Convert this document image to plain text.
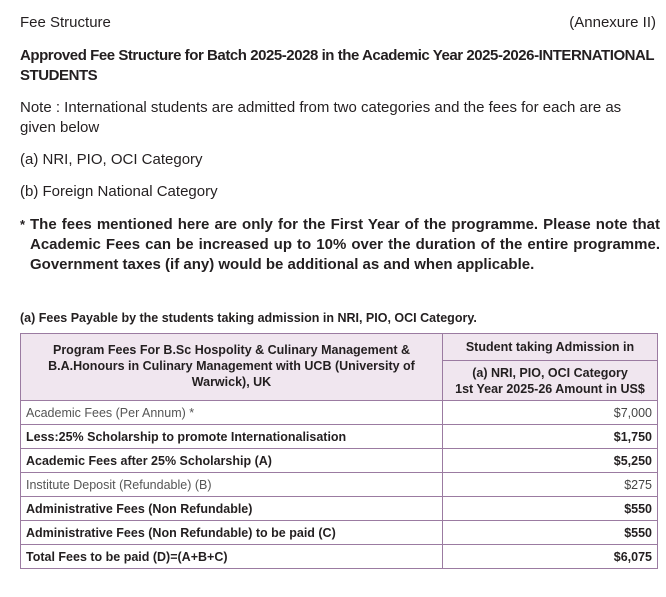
Fee Structure	(Annexure II)
Approved Fee Structure for Batch 2025-2028 in the Academic Year 2025-2026-INTERNATIONAL STUDENTS
Note : International students are admitted from two categories and the fees for each are as given below
(a) NRI, PIO, OCI Category
(b) Foreign National Category
* The fees mentioned here are only for the First Year of the programme. Please note that Academic Fees can be increased up to 10% over the duration of the entire programme. Government taxes (if any) would be additional as and when applicable.
(a) Fees Payable by the students taking admission in NRI, PIO, OCI Category.
Program Fees For B.Sc Hospolity & Culinary Management & B.A.Honours in Culinary Management with UCB (University of Warwick), UK	Student taking Admission in

	(a) NRI, PIO, OCI Category
1st Year 2025-26 Amount in US$

Academic Fees (Per Annum) *	$7,000
Less:25% Scholarship to promote Internationalisation	$1,750
Academic Fees after 25% Scholarship (A)	$5,250
Institute Deposit (Refundable) (B)	$275
Administrative Fees (Non Refundable)	$550
Administrative Fees (Non Refundable) to be paid (C)	$550
Total Fees to be paid (D)=(A+B+C)	$6,075
